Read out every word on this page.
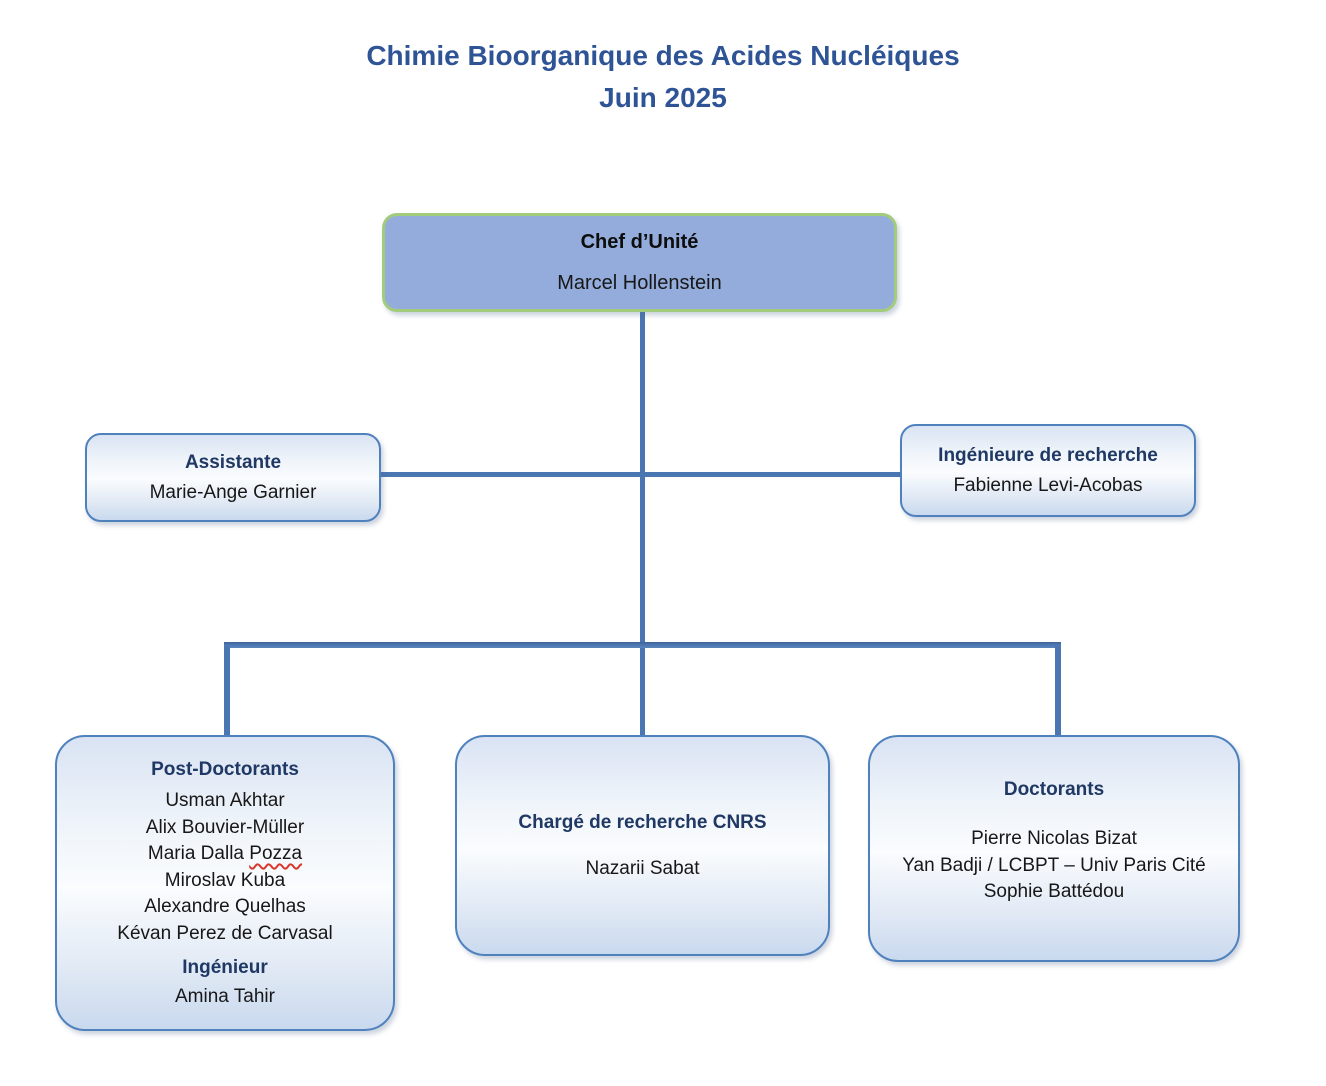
Chimie Bioorganique des Acides Nucléiques
Juin 2025
Chef d’Unité
Marcel Hollenstein
Assistante
Marie-Ange Garnier
Ingénieure de recherche
Fabienne Levi-Acobas
Post-Doctorants
Usman Akhtar
Alix Bouvier-Müller
Maria Dalla Pozza
Miroslav Kuba
Alexandre Quelhas
Kévan Perez de Carvasal
Ingénieur
Amina Tahir
Chargé de recherche CNRS
Nazarii Sabat
Doctorants
Pierre Nicolas Bizat
Yan Badji / LCBPT – Univ Paris Cité
Sophie Battédou
